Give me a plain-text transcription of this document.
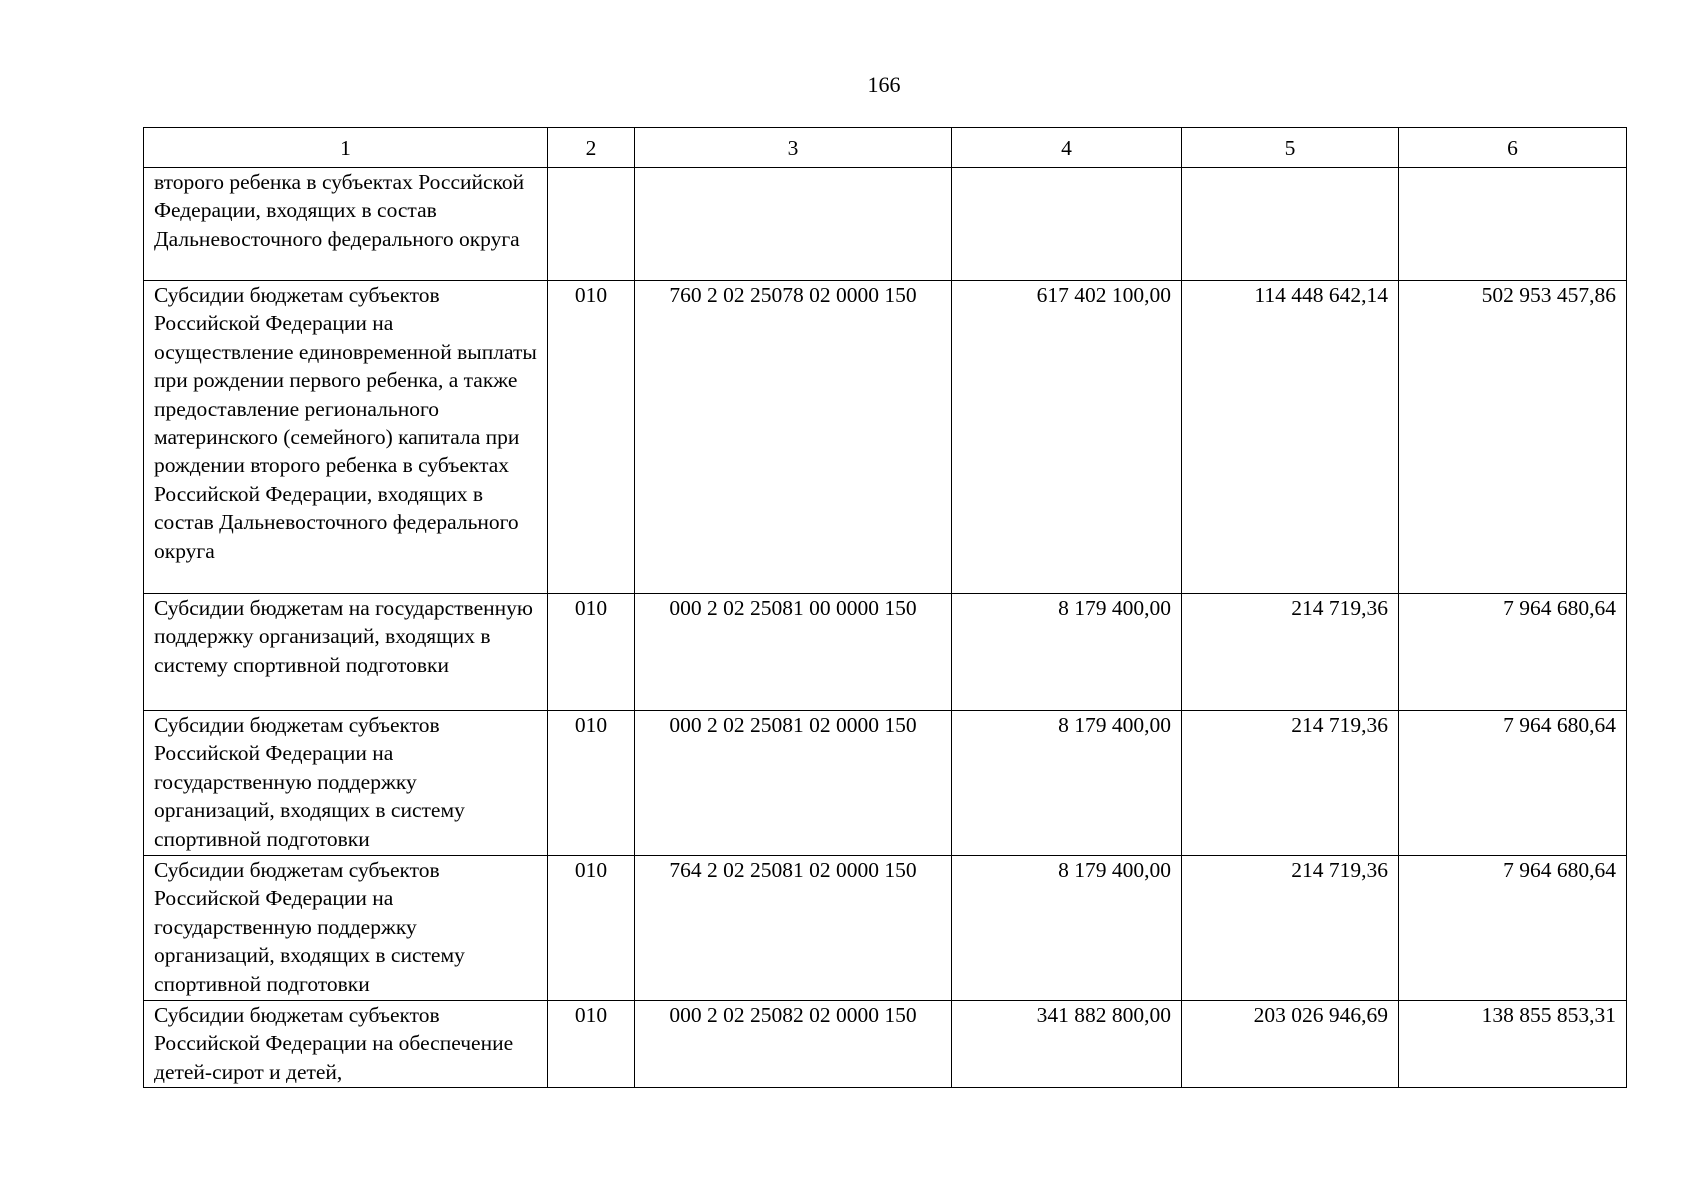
166
1	2	3	4	5	6
второго ребенка в субъектах Российской Федерации, входящих в состав Дальневосточного федерального округа					
Субсидии бюджетам субъектов Российской Федерации на осуществление единовременной выплаты при рождении первого ребенка, а также предоставление регионального материнского (семейного) капитала при рождении второго ребенка в субъектах Российской Федерации, входящих в состав Дальневосточного федерального округа	010	760 2 02 25078 02 0000 150	617 402 100,00	114 448 642,14	502 953 457,86
Субсидии бюджетам на государственную поддержку организаций, входящих в систему спортивной подготовки	010	000 2 02 25081 00 0000 150	8 179 400,00	214 719,36	7 964 680,64
Субсидии бюджетам субъектов Российской Федерации на государственную поддержку организаций, входящих в систему спортивной подготовки	010	000 2 02 25081 02 0000 150	8 179 400,00	214 719,36	7 964 680,64
Субсидии бюджетам субъектов Российской Федерации на государственную поддержку организаций, входящих в систему спортивной подготовки	010	764 2 02 25081 02 0000 150	8 179 400,00	214 719,36	7 964 680,64
Субсидии бюджетам субъектов Российской Федерации на обеспечение детей-сирот и детей,	010	000 2 02 25082 02 0000 150	341 882 800,00	203 026 946,69	138 855 853,31
